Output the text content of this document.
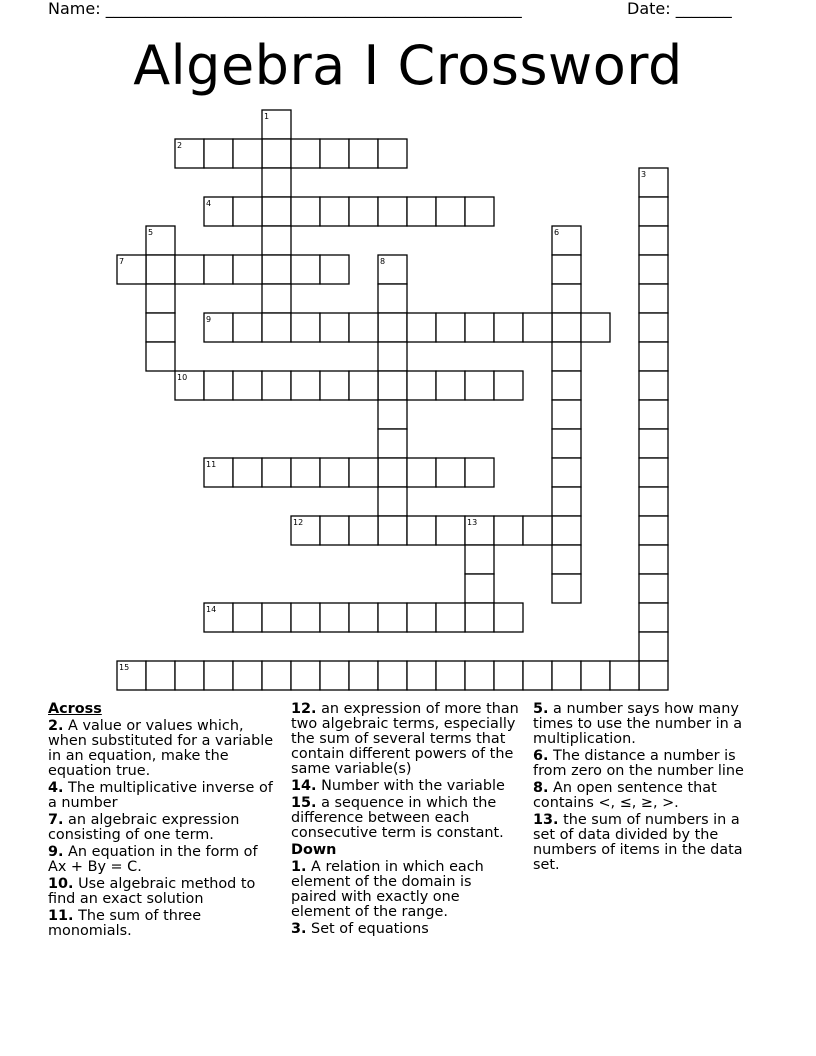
Name: ____________________________________________________	Date: _______
Algebra I Crossword
1
2
3
4
5	6
7	8
9
10
11
12	13
14
15
Across
2. A value or values which, when substituted for a variable in an equation, make the equation true.
4. The multiplicative inverse of a number
7. an algebraic expression consisting of one term.
9. An equation in the form of Ax + By = C.
10. Use algebraic method to find an exact solution
11. The sum of three monomials.
12. an expression of more than two algebraic terms, especially the sum of several terms that contain different powers of the same variable(s)
14. Number with the variable
15. a sequence in which the difference between each consecutive term is constant.
Down
1. A relation in which each element of the domain is paired with exactly one element of the range.
3. Set of equations
5. a number says how many times to use the number in a multiplication.
6. The distance a number is from zero on the number line
8. An open sentence that contains <, ≤, ≥, >.
13. the sum of numbers in a set of data divided by the numbers of items in the data set.
